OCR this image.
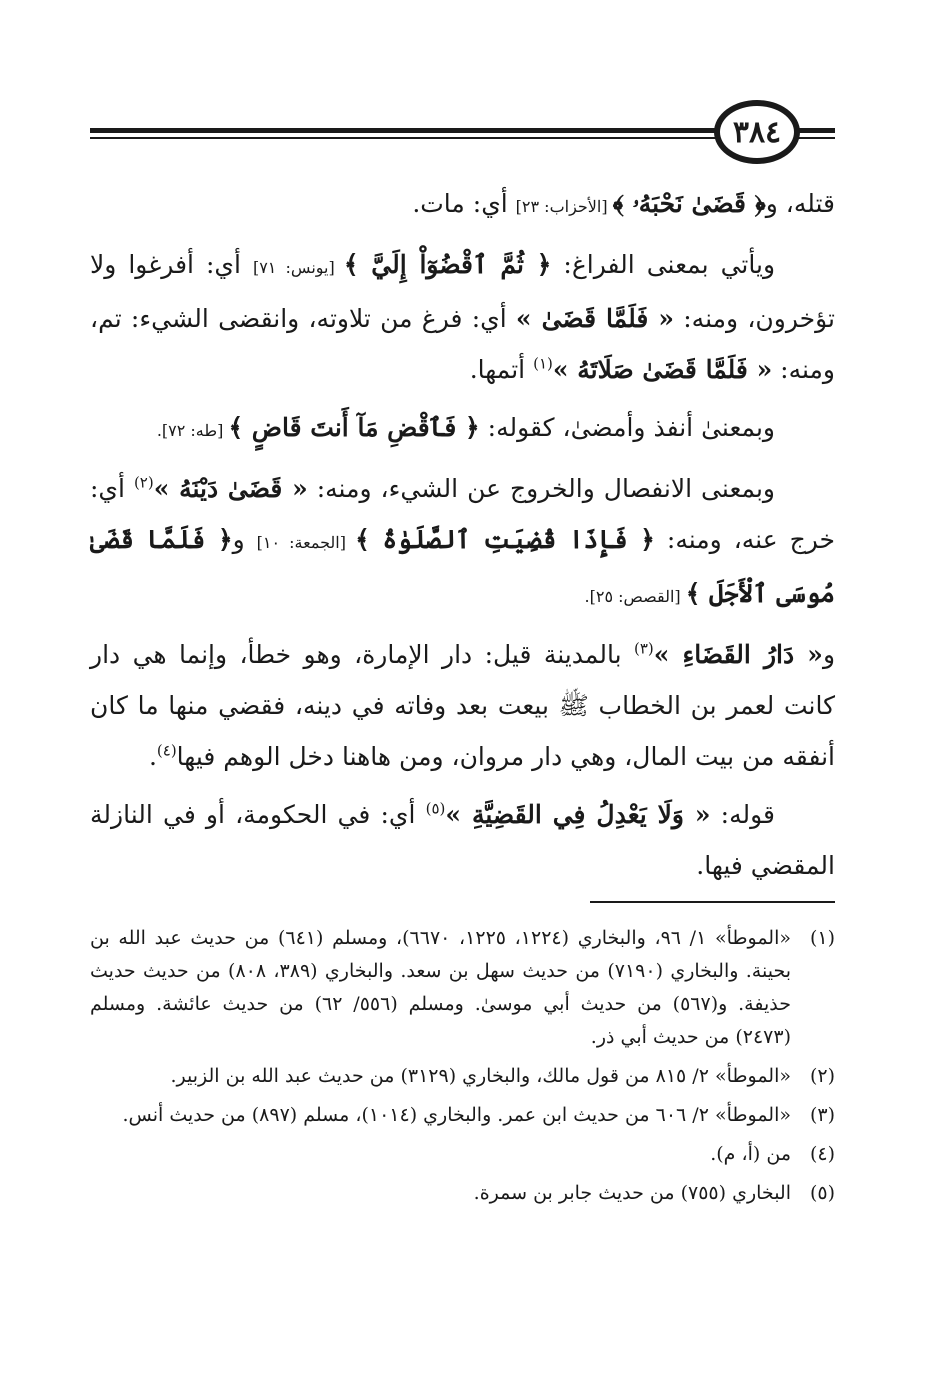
٣٨٤

قتله، و﴿ قَضَىٰ نَحْبَهُۥ ﴾ [الأحزاب: ٢٣] أي: مات.

ويأتي بمعنى الفراغ: ﴿ ثُمَّ ٱقْضُوٓاْ إِلَيَّ ﴾ [يونس: ٧١] أي: أفرغوا ولا تؤخرون، ومنه: « فَلَمَّا قَضَىٰ » أي: فرغ من تلاوته، وانقضى الشيء: تم، ومنه: « فَلَمَّا قَضَىٰ صَلَاتَهُ »$^{(١)}$ أتمها.

وبمعنىٰ أنفذ وأمضىٰ، كقوله: ﴿ فَٱقْضِ مَآ أَنتَ قَاضٍ ﴾ [طه: ٧٢].

وبمعنى الانفصال والخروج عن الشيء، ومنه: « قَضَىٰ دَيْنَهُ »$^{(٢)}$ أي: خرج عنه، ومنه: ﴿ فَإِذَا قُضِيَتِ ٱلصَّلَوٰةُ ﴾ [الجمعة: ١٠] و﴿ فَلَمَّا قَضَىٰ مُوسَى ٱلْأَجَلَ ﴾ [القصص: ٢٥].

و« دَارُ القَضَاءِ »$^{(٣)}$ بالمدينة قيل: دار الإمارة، وهو خطأ، وإنما هي دار كانت لعمر بن الخطاب ﷺ بيعت بعد وفاته في دينه، فقضي منها ما كان أنفقه من بيت المال، وهي دار مروان، ومن هاهنا دخل الوهم فيها$^{(٤)}$.

قوله: « وَلَا يَعْدِلُ فِي القَضِيَّةِ »$^{(٥)}$ أي: في الحكومة، أو في النازلة المقضي فيها.

(١)
«الموطأ» ١/ ٩٦، والبخاري (١٢٢٤، ١٢٢٥، ٦٦٧٠)، ومسلم (٦٤١) من حديث عبد الله بن بحينة. والبخاري (٧١٩٠) من حديث سهل بن سعد. والبخاري (٣٨٩، ٨٠٨) من حديث حديث حذيفة. و(٥٦٧) من حديث أبي موسىٰ. ومسلم (٥٥٦/ ٦٢) من حديث عائشة. ومسلم (٢٤٧٣) من حديث أبي ذر.
(٢)
«الموطأ» ٢/ ٨١٥ من قول مالك، والبخاري (٣١٢٩) من حديث عبد الله بن الزبير.
(٣)
«الموطأ» ٢/ ٦٠٦ من حديث ابن عمر. والبخاري (١٠١٤)، مسلم (٨٩٧) من حديث أنس.
(٤)
من (أ، م).
(٥)
البخاري (٧٥٥) من حديث جابر بن سمرة.
